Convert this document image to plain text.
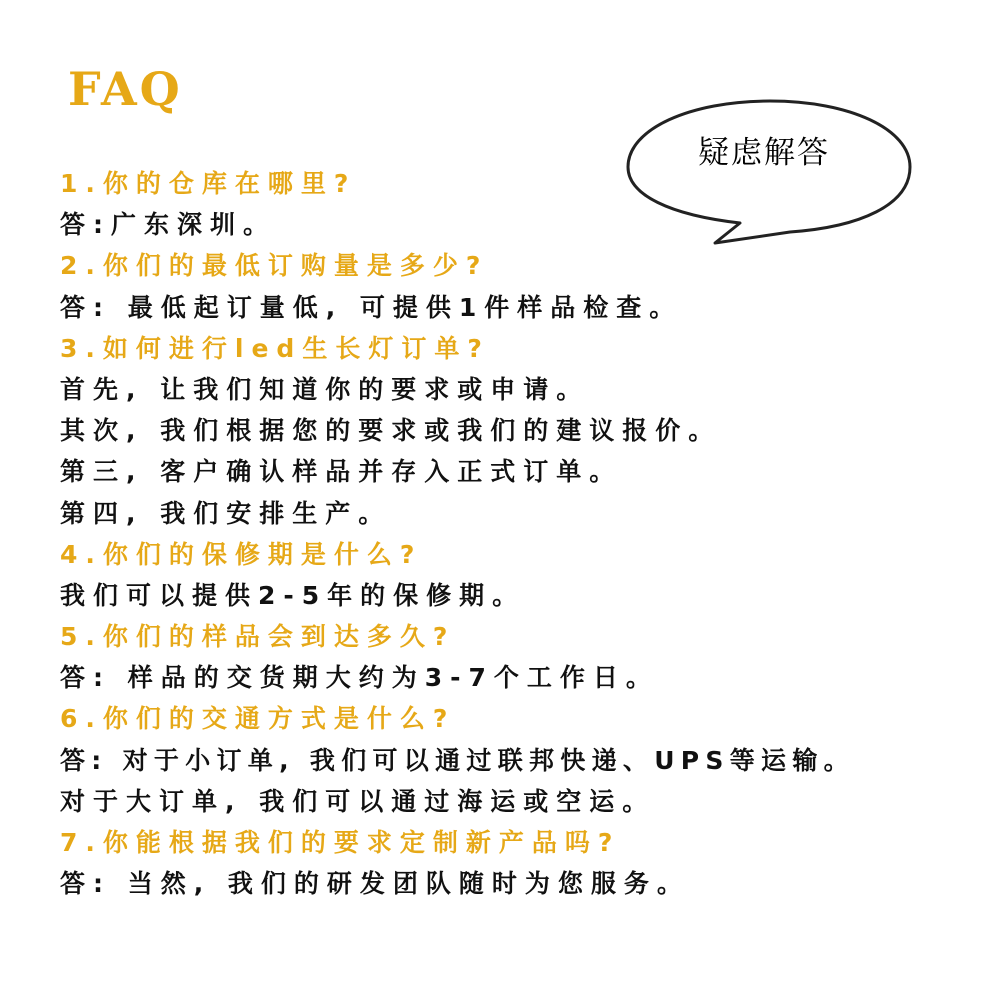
FAQ
疑虑解答
1.你的仓库在哪里?
答:广东深圳。
2.你们的最低订购量是多少?
答: 最低起订量低, 可提供1件样品检查。
3.如何进行led生长灯订单?
首先, 让我们知道你的要求或申请。
其次, 我们根据您的要求或我们的建议报价。
第三, 客户确认样品并存入正式订单。
第四, 我们安排生产。
4.你们的保修期是什么?
我们可以提供2-5年的保修期。
5.你们的样品会到达多久?
答: 样品的交货期大约为3-7个工作日。
6.你们的交通方式是什么?
答: 对于小订单, 我们可以通过联邦快递、UPS等运输。
对于大订单, 我们可以通过海运或空运。
7.你能根据我们的要求定制新产品吗?
答: 当然, 我们的研发团队随时为您服务。
